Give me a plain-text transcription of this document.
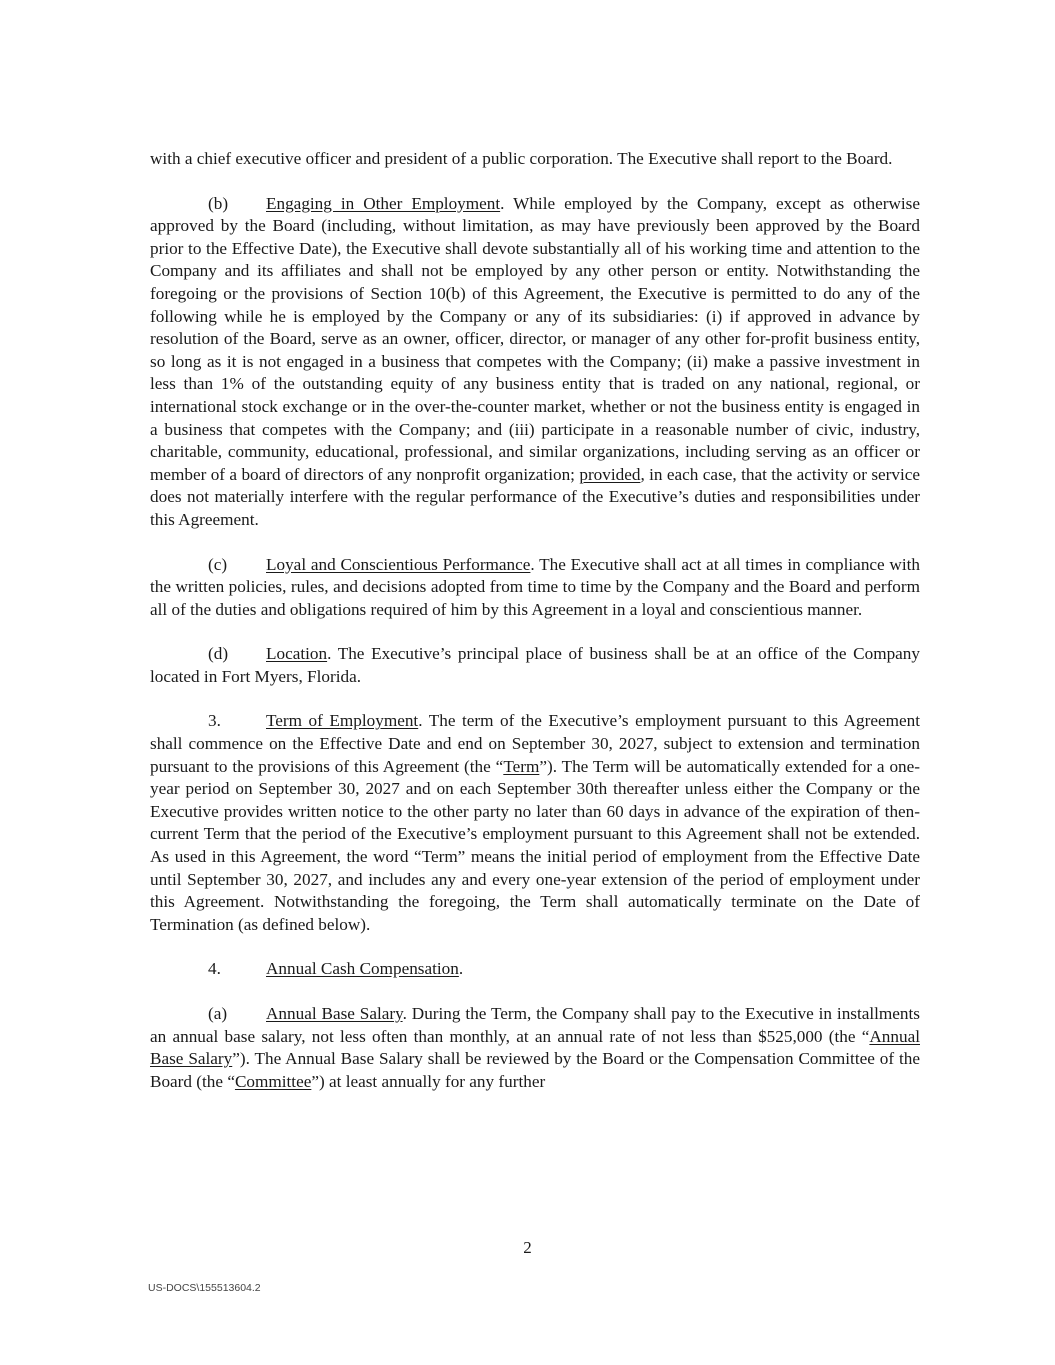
with a chief executive officer and president of a public corporation. The Executive shall report to the Board.

(b) Engaging in Other Employment. While employed by the Company, except as otherwise approved by the Board (including, without limitation, as may have previously been approved by the Board prior to the Effective Date), the Executive shall devote substantially all of his working time and attention to the Company and its affiliates and shall not be employed by any other person or entity. Notwithstanding the foregoing or the provisions of Section 10(b) of this Agreement, the Executive is permitted to do any of the following while he is employed by the Company or any of its subsidiaries: (i) if approved in advance by resolution of the Board, serve as an owner, officer, director, or manager of any other for-profit business entity, so long as it is not engaged in a business that competes with the Company; (ii) make a passive investment in less than 1% of the outstanding equity of any business entity that is traded on any national, regional, or international stock exchange or in the over-the-counter market, whether or not the business entity is engaged in a business that competes with the Company; and (iii) participate in a reasonable number of civic, industry, charitable, community, educational, professional, and similar organizations, including serving as an officer or member of a board of directors of any nonprofit organization; provided, in each case, that the activity or service does not materially interfere with the regular performance of the Executive’s duties and responsibilities under this Agreement.

(c) Loyal and Conscientious Performance. The Executive shall act at all times in compliance with the written policies, rules, and decisions adopted from time to time by the Company and the Board and perform all of the duties and obligations required of him by this Agreement in a loyal and conscientious manner.

(d) Location. The Executive’s principal place of business shall be at an office of the Company located in Fort Myers, Florida.

3.	Term of Employment. The term of the Executive’s employment pursuant to this Agreement shall commence on the Effective Date and end on September 30, 2027, subject to extension and termination pursuant to the provisions of this Agreement (the “Term”). The Term will be automatically extended for a one-year period on September 30, 2027 and on each September 30th thereafter unless either the Company or the Executive provides written notice to the other party no later than 60 days in advance of the expiration of then-current Term that the period of the Executive’s employment pursuant to this Agreement shall not be extended. As used in this Agreement, the word “Term” means the initial period of employment from the Effective Date until September 30, 2027, and includes any and every one-year extension of the period of employment under this Agreement. Notwithstanding the foregoing, the Term shall automatically terminate on the Date of Termination (as defined below).

4.	Annual Cash Compensation.

(a) Annual Base Salary. During the Term, the Company shall pay to the Executive in installments an annual base salary, not less often than monthly, at an annual rate of not less than $525,000 (the “Annual Base Salary”). The Annual Base Salary shall be reviewed by the Board or the Compensation Committee of the Board (the “Committee”) at least annually for any further

2
US-DOCS\155513604.2
